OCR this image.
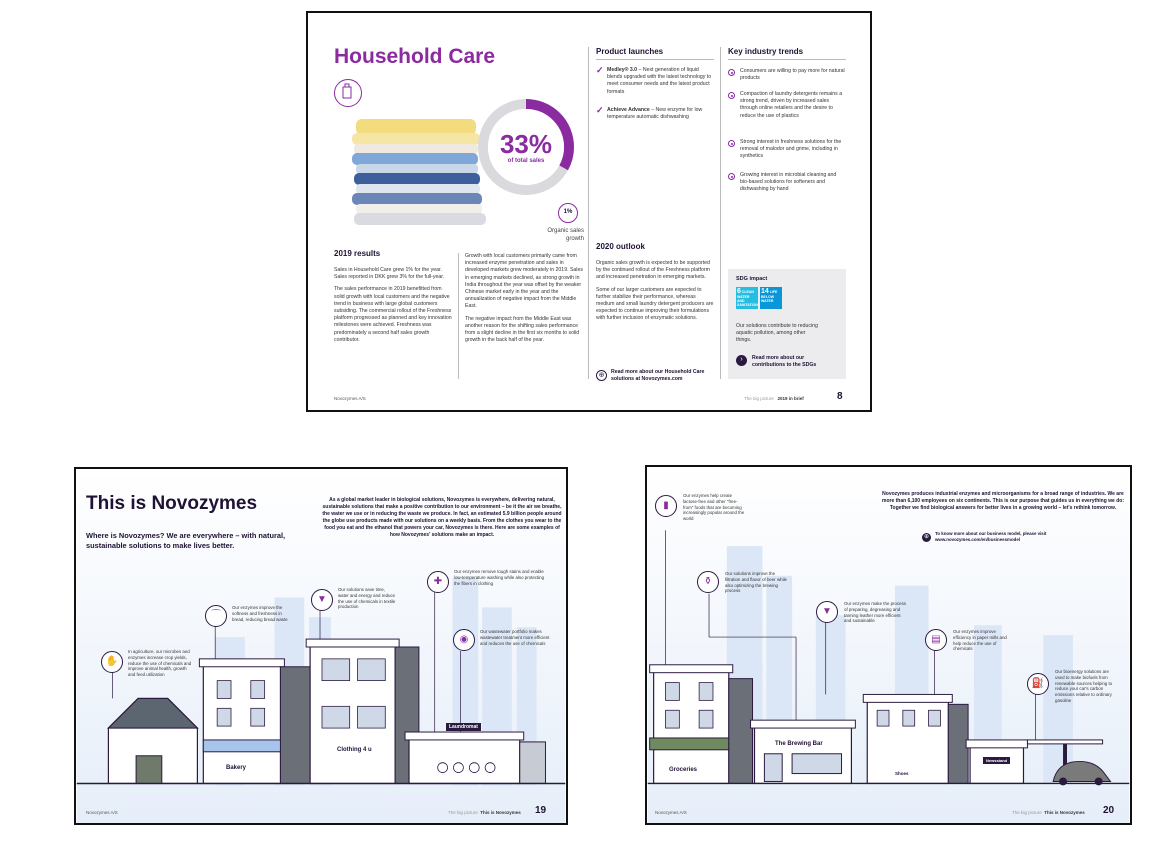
Household Care
33%
of total sales
1%
Organic sales
growth
2019 results

Sales in Household Care grew 1% for the year. Sales reported in DKK grew 3% for the full-year.

The sales performance in 2019 benefitted from solid growth with local customers and the negative trend in business with large global customers subsiding. The commercial rollout of the Freshness platform progressed as planned and key innovation milestones were achieved. Freshness was predominately a second half sales growth contributor.

Growth with local customers primarily came from increased enzyme penetration and sales in developed markets grew moderately in 2019. Sales in emerging markets declined, as strong growth in India throughout the year was offset by the weaker Chinese market early in the year and the annualization of negative impact from the Middle East.

The negative impact from the Middle East was another reason for the shifting sales performance from a slight decline in the first six months to solid growth in the back half of the year.

Product launches
✓ Medley® 3.0 – Next generation of liquid blends upgraded with the latest technology to meet consumer needs and the latest product formats
✓ Achieve Advance – New enzyme for low temperature automatic dishwashing
2020 outlook

Organic sales growth is expected to be supported by the continued rollout of the Freshness platform and increased penetration in emerging markets.

Some of our larger customers are expected to further stabilize their performance, whereas medium and small laundry detergent producers are expected to continue improving their formulations with further inclusion of enzymatic solutions.

⊕	Read more about our Household Care solutions at Novozymes.com
Key industry trends
Consumers are willing to pay more for natural products
Compaction of laundry detergents remains a strong trend, driven by increased sales through online retailers and the desire to reduce the use of plastics
Strong interest in freshness solutions for the removal of malodor and grime, including in synthetics
Growing interest in microbial cleaning and bio-based solutions for softeners and dishwashing by hand
SDG impact
6 CLEAN WATER AND SANITATION
14 LIFE BELOW WATER
Our solutions contribute to reducing aquatic pollution, among other things.
›	Read more about our contributions to the SDGs
Novozymes A/S	The big picture 2019 in brief	8
This is Novozymes
Where is Novozymes? We are everywhere – with natural, sustainable solutions to make lives better.
As a global market leader in biological solutions, Novozymes is everywhere, delivering natural, sustainable solutions that make a positive contribution to our environment – be it the air we breathe, the water we use or in reducing the waste we produce. In fact, an estimated 5.9 billion people around the globe use products made with our solutions on a weekly basis. From the clothes you wear to the food you eat and the ethanol that powers your car, Novozymes is there. Here are some examples of how Novozymes' solutions make an impact.
✋
In agriculture, our microbes and enzymes increase crop yields, reduce the use of chemicals and improve animal health, growth and feed utilization
⌒
Our enzymes improve the softness and freshness in bread, reducing bread waste
▼
Our solutions save time, water and energy and reduce the use of chemicals in textile production
✚
Our enzymes remove tough stains and enable low-temperature washing while also protecting the fibers in clothing
◉
Our wastewater portfolio makes wastewater treatment more efficient and reduces the use of chemicals
Bakery
Clothing 4 u
Laundromat
Novozymes A/S	The big picture This is Novozymes 19
▮
Our enzymes help create lactose-free and other "free-from" foods that are becoming increasingly popular around the world
Novozymes produces industrial enzymes and microorganisms for a broad range of industries. We are more than 6,100 employees on six continents. This is our purpose that guides us in everything we do: Together we find biological answers for better lives in a growing world – let's rethink tomorrow.
⊕
To know more about our business model, please visit www.novozymes.com/en/businessmodel
⚱
Our solutions improve the filtration and flavor of beer while also optimizing the brewing process
▼
Our enzymes make the process of preparing, degreasing and tanning leather more efficient and sustainable
▤
Our enzymes improve efficiency in paper mills and help reduce the use of chemicals
⛽
Our bioenergy solutions are used to make biofuels from renewable sources helping to reduce your car's carbon emissions relative to ordinary gasoline
Groceries
The Brewing Bar
Shoes
Newsstand
Novozymes A/S	The big picture This is Novozymes 20
